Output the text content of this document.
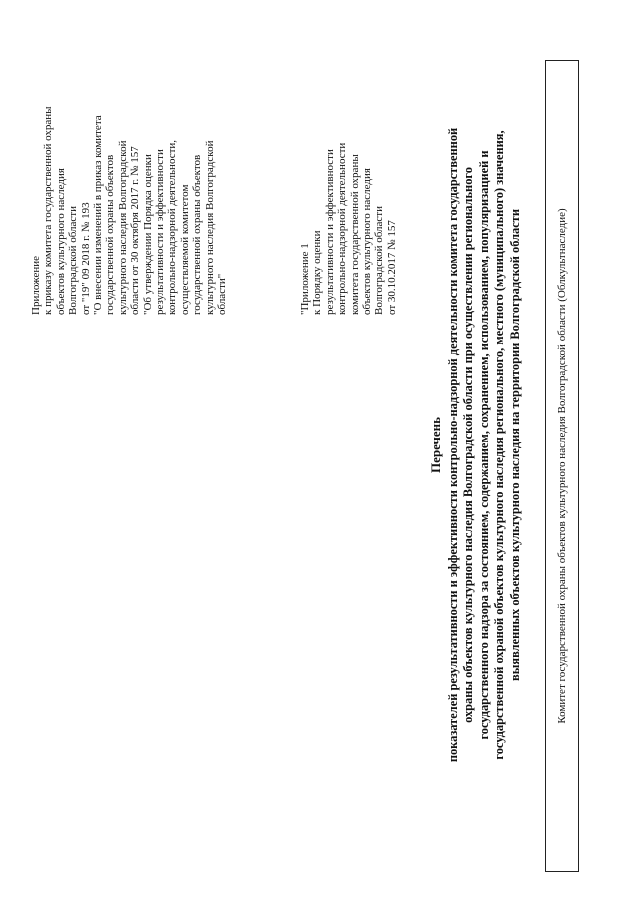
Приложение к приказу комитета государственной охраны объектов культурного наследия Волгоградской области от "19" 09 2018 г. № 193 "О внесении изменений в приказ комитета государственной охраны объектов культурного наследия Волгоградской области от 30 октября 2017 г. № 157 "Об утверждении Порядка оценки результативности и эффективности контрольно-надзорной деятельности, осуществляемой комитетом государственной охраны объектов культурного наследия Волгоградской области"	"Приложение 1 к Порядку оценки результативности и эффективности контрольно-надзорной деятельности комитета государственной охраны объектов культурного наследия Волгоградской области от 30.10.2017 № 157

Перечень показателей результативности и эффективности контрольно-надзорной деятельности комитета государственной охраны объектов культурного наследия Волгоградской области при осуществлении регионального государственного надзора за состоянием, содержанием, сохранением, использованием, популяризацией и государственной охраной объектов культурного наследия регионального, местного (муниципального) значения, выявленных объектов культурного наследия на территории Волгоградской области	Комитет государственной охраны объектов культурного наследия Волгоградской области (Облкультнаследие)
